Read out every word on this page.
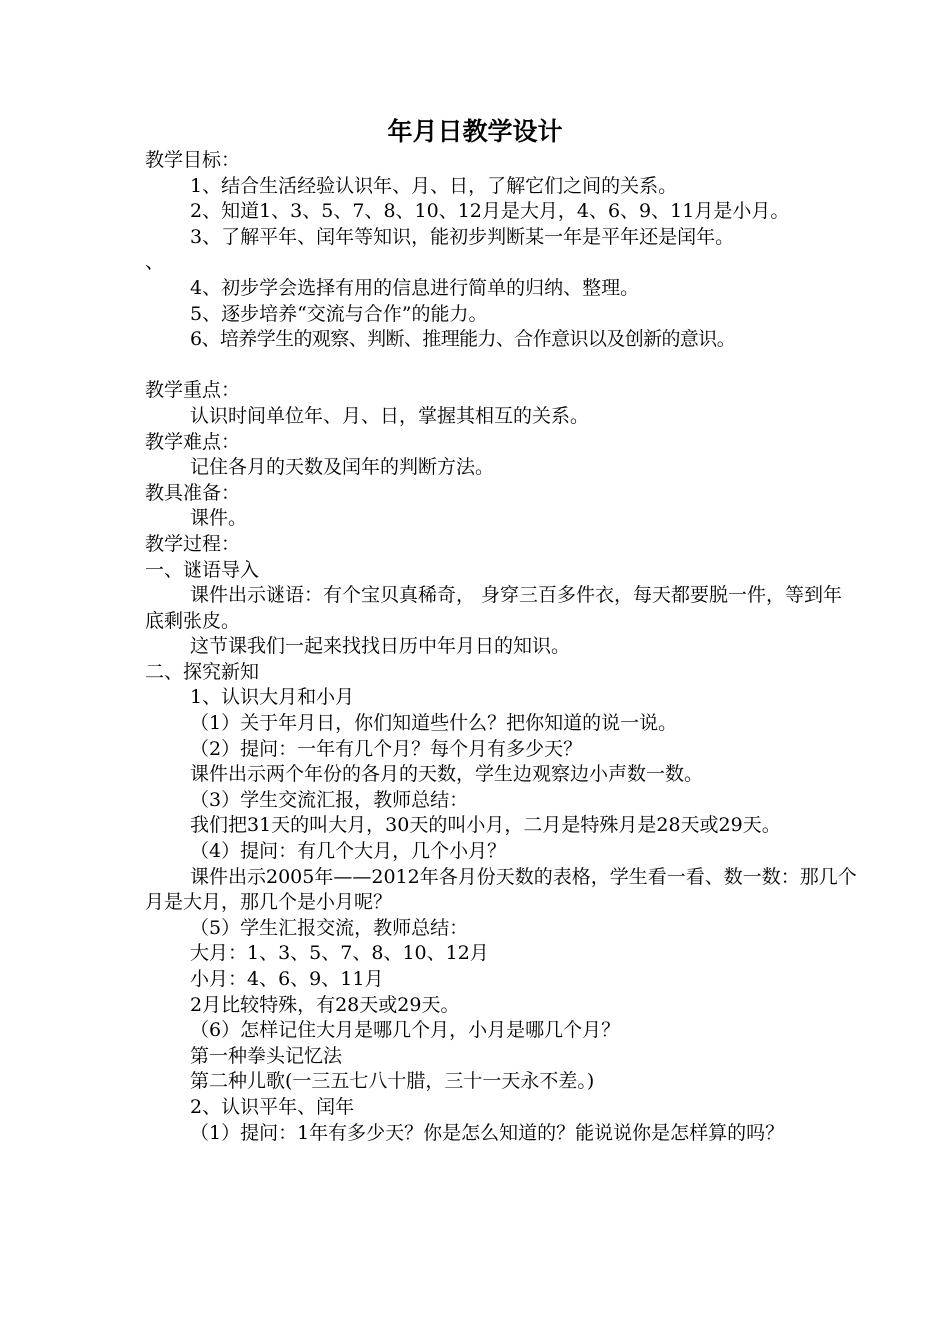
年月日教学设计

教学目标：

1、结合生活经验认识年、月、日，了解它们之间的关系。

2、知道1、3、5、7、8、10、12月是大月，4、6、9、11月是小月。

3、了解平年、闰年等知识，能初步判断某一年是平年还是闰年。

、

4、初步学会选择有用的信息进行简单的归纳、整理。

5、逐步培养“交流与合作”的能力。

6、培养学生的观察、判断、推理能力、合作意识以及创新的意识。

教学重点：

认识时间单位年、月、日，掌握其相互的关系。

教学难点：

记住各月的天数及闰年的判断方法。

教具准备：

课件。

教学过程：

一、谜语导入

课件出示谜语：有个宝贝真稀奇， 身穿三百多件衣，每天都要脱一件，等到年底剩张皮。

这节课我们一起来找找日历中年月日的知识。

二、探究新知

1、认识大月和小月

（1）关于年月日，你们知道些什么？把你知道的说一说。

（2）提问：一年有几个月？每个月有多少天？

课件出示两个年份的各月的天数，学生边观察边小声数一数。

（3）学生交流汇报，教师总结：

我们把31天的叫大月，30天的叫小月，二月是特殊月是28天或29天。

（4）提问：有几个大月，几个小月？

课件出示2005年——2012年各月份天数的表格，学生看一看、数一数：那几个月是大月，那几个是小月呢？

（5）学生汇报交流，教师总结：

大月：1、3、5、7、8、10、12月

小月：4、6、9、11月

2月比较特殊，有28天或29天。

（6）怎样记住大月是哪几个月，小月是哪几个月？

第一种拳头记忆法

第二种儿歌(一三五七八十腊，三十一天永不差。)

2、认识平年、闰年

（1）提问：1年有多少天？你是怎么知道的？能说说你是怎样算的吗？
